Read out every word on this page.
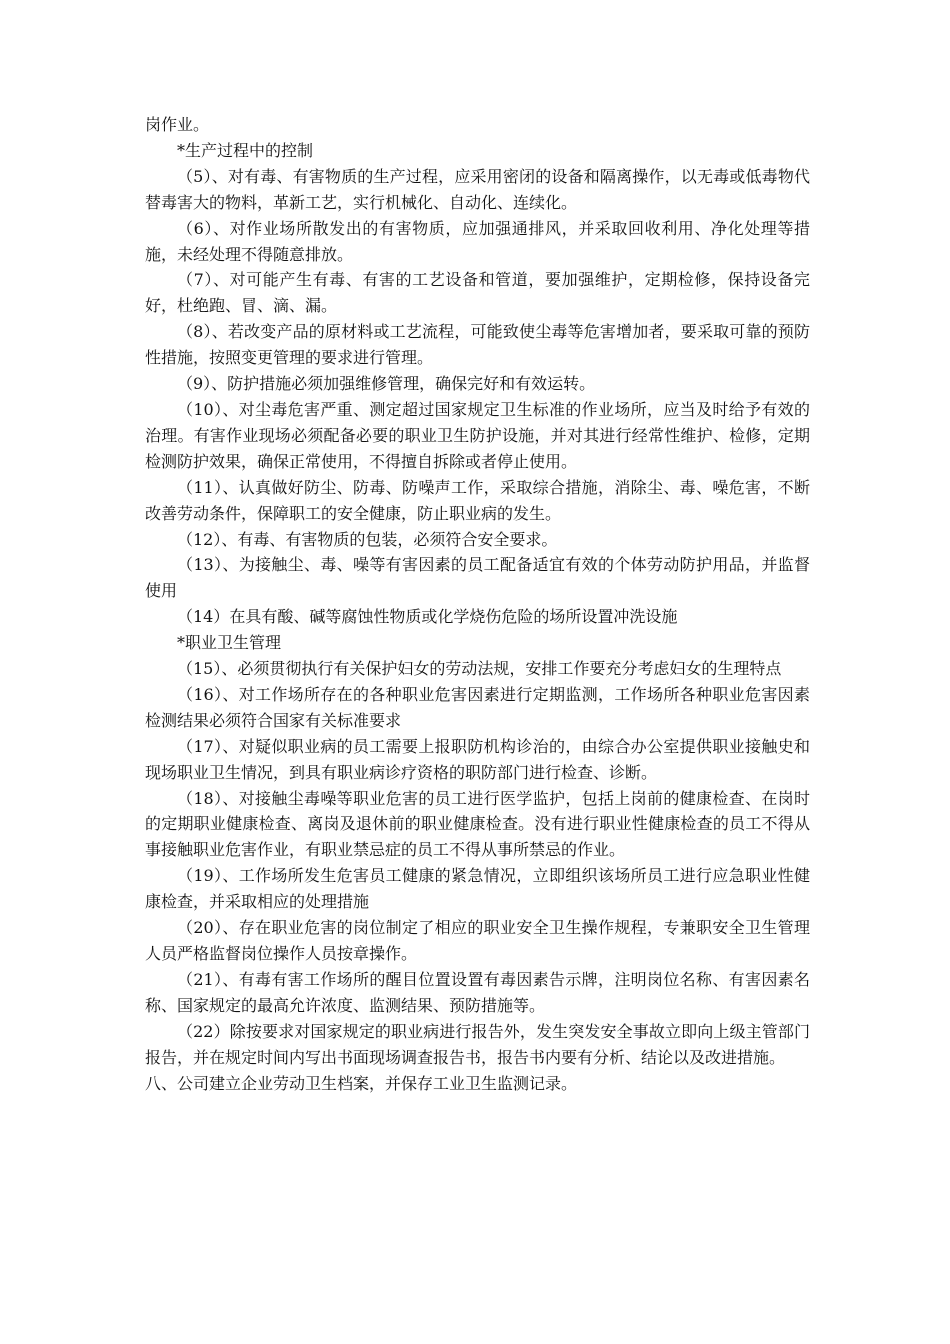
岗作业。

*生产过程中的控制

（5）、对有毒、有害物质的生产过程，应采用密闭的设备和隔离操作，以无毒或低毒物代替毒害大的物料，革新工艺，实行机械化、自动化、连续化。

（6）、对作业场所散发出的有害物质，应加强通排风，并采取回收利用、净化处理等措施，未经处理不得随意排放。

（7）、对可能产生有毒、有害的工艺设备和管道，要加强维护，定期检修，保持设备完好，杜绝跑、冒、滴、漏。

（8）、若改变产品的原材料或工艺流程，可能致使尘毒等危害增加者，要采取可靠的预防性措施，按照变更管理的要求进行管理。

（9）、防护措施必须加强维修管理，确保完好和有效运转。

（10）、对尘毒危害严重、测定超过国家规定卫生标准的作业场所，应当及时给予有效的治理。有害作业现场必须配备必要的职业卫生防护设施，并对其进行经常性维护、检修，定期检测防护效果，确保正常使用，不得擅自拆除或者停止使用。

（11）、认真做好防尘、防毒、防噪声工作，采取综合措施，消除尘、毒、噪危害，不断改善劳动条件，保障职工的安全健康，防止职业病的发生。

（12）、有毒、有害物质的包装，必须符合安全要求。

（13）、为接触尘、毒、噪等有害因素的员工配备适宜有效的个体劳动防护用品，并监督使用

（14）在具有酸、碱等腐蚀性物质或化学烧伤危险的场所设置冲洗设施

*职业卫生管理

（15）、必须贯彻执行有关保护妇女的劳动法规，安排工作要充分考虑妇女的生理特点

（16）、对工作场所存在的各种职业危害因素进行定期监测，工作场所各种职业危害因素检测结果必须符合国家有关标准要求

（17）、对疑似职业病的员工需要上报职防机构诊治的，由综合办公室提供职业接触史和现场职业卫生情况，到具有职业病诊疗资格的职防部门进行检查、诊断。

（18）、对接触尘毒噪等职业危害的员工进行医学监护，包括上岗前的健康检查、在岗时的定期职业健康检查、离岗及退休前的职业健康检查。没有进行职业性健康检查的员工不得从事接触职业危害作业，有职业禁忌症的员工不得从事所禁忌的作业。

（19）、工作场所发生危害员工健康的紧急情况，立即组织该场所员工进行应急职业性健康检查，并采取相应的处理措施

（20）、存在职业危害的岗位制定了相应的职业安全卫生操作规程，专兼职安全卫生管理人员严格监督岗位操作人员按章操作。

（21）、有毒有害工作场所的醒目位置设置有毒因素告示牌，注明岗位名称、有害因素名称、国家规定的最高允许浓度、监测结果、预防措施等。

（22）除按要求对国家规定的职业病进行报告外，发生突发安全事故立即向上级主管部门报告，并在规定时间内写出书面现场调查报告书，报告书内要有分析、结论以及改进措施。

八、公司建立企业劳动卫生档案，并保存工业卫生监测记录。
